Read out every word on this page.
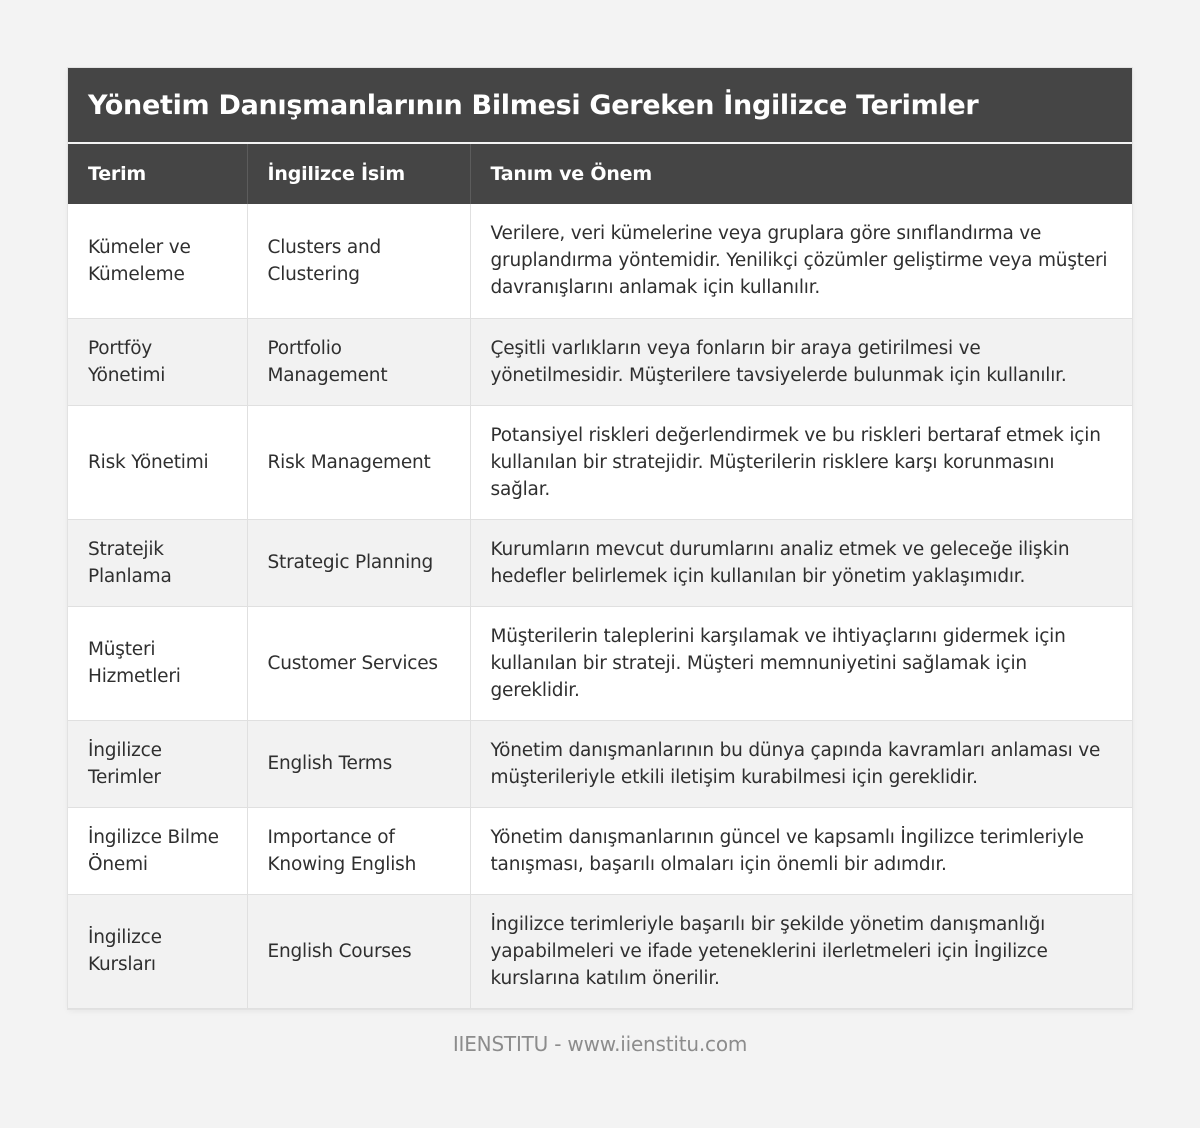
Yönetim Danışmanlarının Bilmesi Gereken İngilizce Terimler
Terim	İngilizce İsim	Tanım ve Önem
Kümeler ve Kümeleme	Clusters and Clustering	Verilere, veri kümelerine veya gruplara göre sınıflandırma ve gruplandırma yöntemidir. Yenilikçi çözümler geliştirme veya müşteri davranışlarını anlamak için kullanılır.
Portföy Yönetimi	Portfolio Management	Çeşitli varlıkların veya fonların bir araya getirilmesi ve yönetilmesidir. Müşterilere tavsiyelerde bulunmak için kullanılır.
Risk Yönetimi	Risk Management	Potansiyel riskleri değerlendirmek ve bu riskleri bertaraf etmek için kullanılan bir stratejidir. Müşterilerin risklere karşı korunmasını sağlar.
Stratejik Planlama	Strategic Planning	Kurumların mevcut durumlarını analiz etmek ve geleceğe ilişkin hedefler belirlemek için kullanılan bir yönetim yaklaşımıdır.
Müşteri Hizmetleri	Customer Services	Müşterilerin taleplerini karşılamak ve ihtiyaçlarını gidermek için kullanılan bir strateji. Müşteri memnuniyetini sağlamak için gereklidir.
İngilizce Terimler	English Terms	Yönetim danışmanlarının bu dünya çapında kavramları anlaması ve müşterileriyle etkili iletişim kurabilmesi için gereklidir.
İngilizce Bilme Önemi	Importance of Knowing English	Yönetim danışmanlarının güncel ve kapsamlı İngilizce terimleriyle tanışması, başarılı olmaları için önemli bir adımdır.
İngilizce Kursları	English Courses	İngilizce terimleriyle başarılı bir şekilde yönetim danışmanlığı yapabilmeleri ve ifade yeteneklerini ilerletmeleri için İngilizce kurslarına katılım önerilir.
IIENSTITU - www.iienstitu.com
